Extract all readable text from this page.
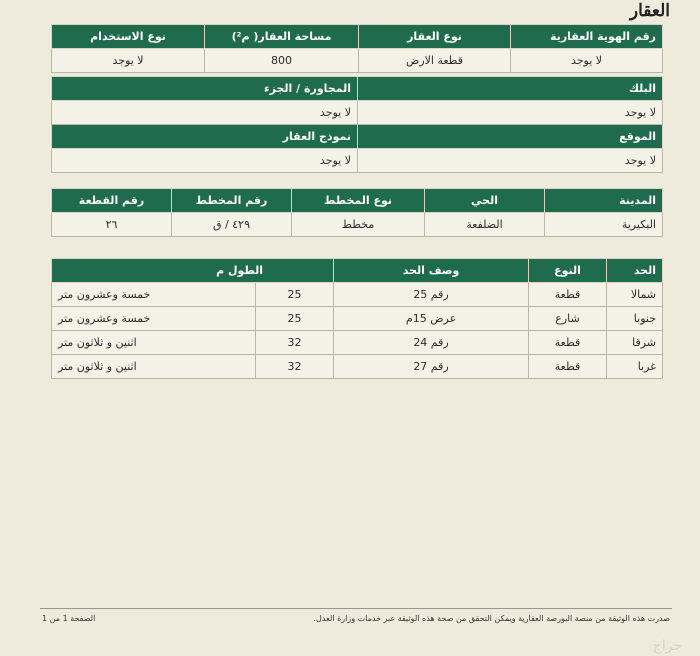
العقار
رقم الهوية العقارية	نوع العقار	مساحة العقار( م²)	نوع الاستخدام
لا يوجد	قطعة الارض	800	لا يوجد
البلك	المجاورة / الجزء
لا يوجد	لا يوجد
الموقع	نموذج العقار
لا يوجد	لا يوجد
المدينة	الحي	نوع المخطط	رقم المخطط	رقم القطعة
البكيرية	الضلفعة	مخطط	٤٢٩ / ق	٢٦
الحد	النوع	وصف الحد	الطول م	
شمالا	قطعة	رقم 25	25	خمسة وعشرون متر
جنوبا	شارع	عرض 15م	25	خمسة وعشرون متر
شرقا	قطعة	رقم 24	32	اثنين و ثلاثون متر
غربا	قطعة	رقم 27	32	اثنين و ثلاثون متر
صدرت هذه الوثيقة من منصة البورصة العقارية ويمكن التحقق من صحة هذه الوثيقة عبر خدمات وزارة العدل.
الصفحة 1 من 1
حراج
